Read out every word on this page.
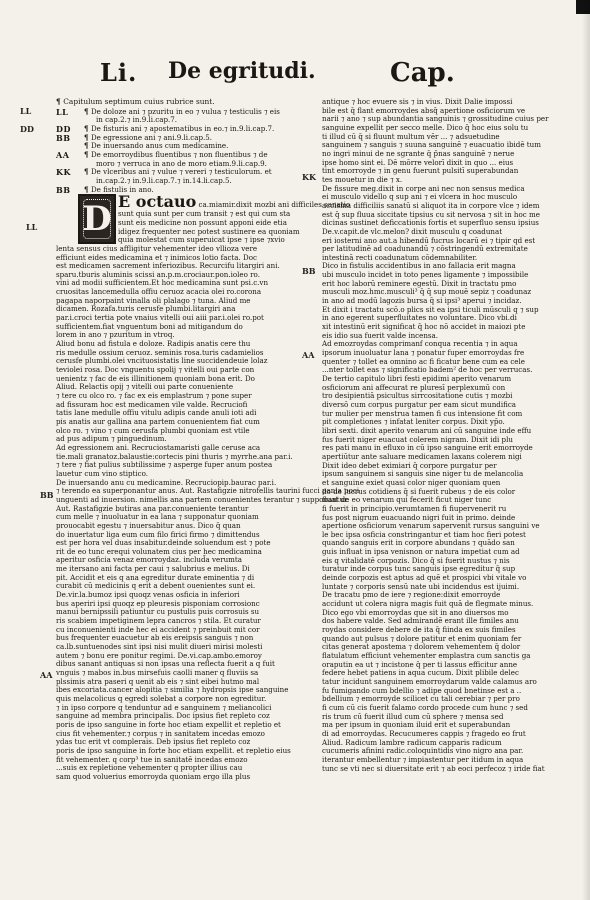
Li. De egritudi.	Cap.
¶ Capitulum septimum cuius rubrice sunt.
LL ¶ De doloze ani ⁊ pzuritu in eo ⁊ vulua ⁊ testiculis ⁊ eis
in cap.2.⁊ in.9.li.cap.7.
DD ¶ De fisturis ani ⁊ apostematibus in eo.⁊ in.9.li.cap.7.
BB ¶ De egressione ani ⁊ ani.9.li.cap.5.
¶ De inuersando anus cum medicamine.
AA ¶ De emorroydibus fluentibus ⁊ non fluentibus ⁊ de
moro ⁊ verruca in ano de moro etiam.9.li.cap.9.
KK ¶ De vlceribus ani ⁊ vulue ⁊ vereri ⁊ testiculorum. et
in.cap.2.⁊ in.9.li.cap.7.⁊ in.14.li.cap.5.
BB ¶ De fistulis in ano.
D E octauo ca.miamir.dixit mozbi ani difficiles sanatio
sunt quia sunt per cum transit ⁊ est qui cum sta
sunt eis medicine non possunt apponi eide etia
idigez frequenter nec potest sustinere ea quoniam
quia molestat cum superuicat ipse ⁊ ipse ⁊xvio
lenta sensus cius affligitur vehementer ideo vllioza vere
efficiunt eides medicamina et ⁊ inimicos lotio facta. Doc
est medicamen sacrement inferiozibus. Recurcifu litargiri ani.
sparu.tburis aluminis scissi an.p.m.crociaur.pon.ioleo ro.
vini ad modii sufficientem.Et hoc medicamina sunt psi.c.vn
cruositas lancemedulla offiu ceruoz acacia olei ro.corona
pagapa naporpaint vinalla oli plalago ⁊ tuna. Aliud me
dicamen. Rozafa.turis cerusfe plumbi.litargiri ana
par.i.croci tertia pote vnaius vitelli oui aiii par.i.olei ro.pot
sufficientem.fiat vnguentum boni ad mitigandum do
lorem in ano ⁊ pzuritum in vtroq.
Aliud bonu ad fistula e doloze. Radipis anatis cere thu
ris medulle ossium ceruoz. seminis rosa.turis cadamielios
cerusfe plumbi.olei vncituosistatis line succidendeuie lolaz
teviolei rosa. Doc vnguentu spolij ⁊ vitelli oui parte con
uenientz ⁊ fac de eis illinitionem quoniam bona erit. Do
Aliud. Relactis opij ⁊ vitelli oui parte conueniente
⁊ tere cu olco ro. ⁊ fac ex eis emplastrum ⁊ pone super
ad fissuram hoc est medicamen vile valde. Recruciofi
tatis lane medulle offiu vitulu adipis cande anuli ioti adi
pis anatis aur gallina ana partem conuenientem fiat cum
olco ro. ⁊ vino ⁊ cum cerusfa plumbi quoniam est vtile
ad pus adipum ⁊ pinguedinum.
Ad egressionem ani. Recruciostamaristi galle ceruse aca
tie.mali granatoz.balaustie:cortecis pini thuris ⁊ myrrhe.ana par.i.
⁊ tere ⁊ fiat pulius subtilissime ⁊ asperge fuper anum postea
lauetur cum vino stiptico.
De inuersando anu cu medicamine. Recruciopip.baurac par.i.
⁊ terendo ea superponantur anus. Aut. Rastafigzie nitrofellis taurini fucci pania poci
unguenti ad inuersion. nimellis ana partem conuenientes terantur ⁊ supponantur.
Aut. Rastafigzie butiras ana par.conueniente terantur
cum melle ⁊ inuoluatur in ea lana ⁊ supponatur quoniam
prouocabit egestu ⁊ inuersabitur anus. Dico q̄ quan
do inuertatur liga eum cum filo firici firmo ⁊ dimittendus
est per hora vel duas insabitur.deinde soluendum est ⁊ pote
rit de eo tunc erequi volunatem cius per hec medicamina
aperitur osficia venaz emorroydaz. includ̄a verumta
me itersano ani facta per caui ⁊ salubrius e melius. Di
pit. Accidit et eis q ana egreditur durate eminentia ⁊ di
curabit cū medicinis q erit a debent ouenientes sunt ei.
De.vir.la.bumoz ipsi quoqz venas osficia in inferiori
bus aperiri ipsi quoqz ep pleuresis pisponiam corrosionc
manui bernipssili patiuntur cu pustulis puis corrosuis su
ris scabiem impetiginem lepra cancros ⁊ stila. Et curatur
cu inconuenienti inde hec ei accident ⁊ preinbuit mit cor
bus frequenter euacuetur ab eis ereipsis sanguis ⁊ non
ca.lb.suntuenodes sint ipsi nisi mulit diueri mirisi molesti
autem ⁊ bonu ere ponitur regimi. De.vi.cap.ambo.emoroy
dibus sanant antiquas si non ipsas una reflecta fuerit a q fuit
vnguis ⁊ mabos in.bus mirsefuis caolli maner q fluviis sa
plssimis atra paseri q uenit ab eis ⁊ sint eibei hutmo mal
ibes excoriata.cancer alopitia ⁊ similia ⁊ hydropsis ipse sanguine
quis melacolicus q egredi solebat a corpore non egreditur.
⁊ in ipso corpore q tenduntur ad e sanguinem ⁊ meliancolici
sanguine ad membra principalis. Doc ipsius fiet repleto coz
poris de ipso sanguine in forte hoc etiam expellit et repletio et
cius fit vehementer.⁊ corpus ⁊ in sanitatem incedas emozo
ydas tuc erit vt complerais. Deb ipsius fiet repleto coz
poris de ipso sanguine in forte hoc etiam expellit. et repletio eius
fit vehementer. q corp³ tue in sanitatē incedas emozo
...suis ex repletione vehementer q propter illius cau
sam quod voluerius emorroyda quoniam ergo illa plus
antique ⁊ hoc evuere sis ⁊ in vius. Dixit Dalie impossi
bile est q̄ flant emorroydes absq̄ apertione osficiorum ve
narii ⁊ ano ⁊ sup abundantia sanguinis ⁊ grossitudine cuius per
sanguine expellit per secco melle. Dico q̄ hoc eius solu tu
ti illud cū q̄ si fluunt multum vēr ... ⁊ adsuetudine
sanguinem ⁊ sanguis ⁊ suuna sanguinē ⁊ euacuatio ibidē tum
no ingri minui de ne sgrante q̄ p̄nas sanguinē ⁊ nerue
ipse homo sint ei. Dē mōrre velorī dixit in quo ... eius
tint emorroyde ⁊ in genu fuerunt pulsitī superabundan
tes mouetur in die ⁊ x.
De fissure meg.dixit in corpe ani nec non sensus medica
ei musculo vidello q sup ani ⁊ ei vlcera in hoc musculo
accisina difficiliis sanatū si aliquot ita in corpore vlce ⁊ idem
est q̄ sup fluua siccitate tipsius cu sit nervosa ⁊ sit in hoc me
dicinas sustinet deficcationis fortis et superfluo sensu ipsius
De.v.capit.de vlc.melon? dixit musculu q coadunat
eri iosterni ano aut.a hibendū fucrus locarū ei ⁊ tipir qd est
per latitudinē ad coadunandū ⁊ cōstringendū extremitate
intestinā recti coadunatum cōdemnabiliter.
Dico in fistulis accidentibus in ano fallacia erit magna
ubi musculo incidet in toto penes ligamente ⁊ impossibile
erit hoc laborū reminere egestū. Dixit in tractatu pmo
musculi moz.hmc.musculi³ q̄ q̄ sup mouē sepiz ⁊ coadunaz
in ano ad modū lagozis bursa q̄ si ipsi³ aperui ⁊ incidaz.
Et dixit i tractatu scō.o plics sit ea ipsi ticuli mūsculi q ⁊ sup
in ano egerent superfluitates no voluntare. Dico vbi.di
xit intestinū erit significat q̄ hoc nō accidet in maiozi pte
eis idio sua fuerit valde incensa.
Ad emozroydas comprimanf conqua recentia ⁊ in aqua
ipsorum inuoluatur lana ⁊ ponatur fuper emorroydas fre
quenter ⁊ tollet ea omnino ac fi ficatur bene cum ea cele
...nter tollet eas ⁊ significatio badem² de hoc per verrucas.
De tertio capitulo libri festi epidimi aperito venarum
osficiorum ani affecurat re pluresī perplexumū con
tro desipientiā psicultus sirrcositatione cutis ⁊ mozbi
diversō cum corpus purgatur per eam sicut mundifica
tur mulier per menstrua tamen fi cus intensione fit com
pit completiones ⁊ infatat leniter corpus. Dixit yp̄o.
libri sexti. dixit aperito venarum ani cū sanguine inde effu
fus fuerit niger euacuat colerem nigram. Dixit idi plu
res pati manu in efluxo in cū ipso sanguine erit emorroyde
apertiūtur ante saluare medicamen laxans colerem nigi
Dixit ideo debet eximiari q̄ corpore purgatur per
ipsum sanguinem si sanguis sine niger tu de melancolia
et sanguine exiet quasi color niger quoniam quen
do de lucrus cotidiens q̄ si fuerit rubeus ⁊ de eis color
fluat de eo venarum qui fecerit ficut niger tunc
fi fuerit in principio.verumtamen fi fiupervenerit ru
fus post nigrum euacuando nigri fuit in primo. deinde
apertione osficiorum venarum sapervenit rursus sanguini ve
le bec ipsa osficia constringantur et tiam hoc fieri potest
quando sanguis erit in corpore abundans ⁊ quādo san
guis influat in ipsa venisnon or natura impetiat cum ad
eis q vitalidatē corpozis. Dico q̄ si fuerit nustus ⁊ nis
turatur inde corpus tunc sanguis ipse egreditur q̄ sup
deinde corpozis est aptus ad quē et prospici vbi vitale vo
luntate ⁊ corporis sensū nate ubi incidendus est ijuimi.
De tracatu pmo de iere ⁊ regione:dixit emorroyde
accidunt ut colera nigra magis fuit quā de flegmate minus.
Dico ego vbi emorroydas que sit in ano diuersos mo
dos habere valde. Sed admirandē erant ille fimiles anu
roydas considere debere de ita q̄ fiinda ex suis fimiles
quando aut pulsus ⁊ dolore patitur et enim quoniam fer
citas generat apostema ⁊ dolorem vehementem q̄ dolor
flatulatum efficiunt vehementer emplastra cum sanctis ga
oraputin ea ut ⁊ incistone q̄ per ti lassus efficitur anne
federe hebet patiens in aqua cucum. Dixit plibile delec
tatur incidunt sanguinem emorroydarum valde calamus aro
fu fumigando cum bdellio ⁊ adipe quod bnetinse est a ..
bdellium ⁊ emorroyde scilicet cu tali cerebiar ⁊ per pro
fi cum cū cis fuerit falamo cordo procede cum hunc ⁊ sed
ris trum cū fuerit illud cum cū sphere ⁊ mensa sed
ma per ipsum in quoniam iluid erit et superabundan
di ad emorroydas. Recucumeres cappis ⁊ fragedo eo frut
Aliud. Radicum lambre radicum capparis radicum
cucumeris afinini radic.coloquintidis vino nigro ana par.
iterantur embellentur ⁊ impiastentur per itidum in aqua
tunc se vti nec si diuersitate erit ⁊ ab eoci perfecoz ⁊ iride fiat
LL
DD
LL
BB
AA
KK
BB
AA
